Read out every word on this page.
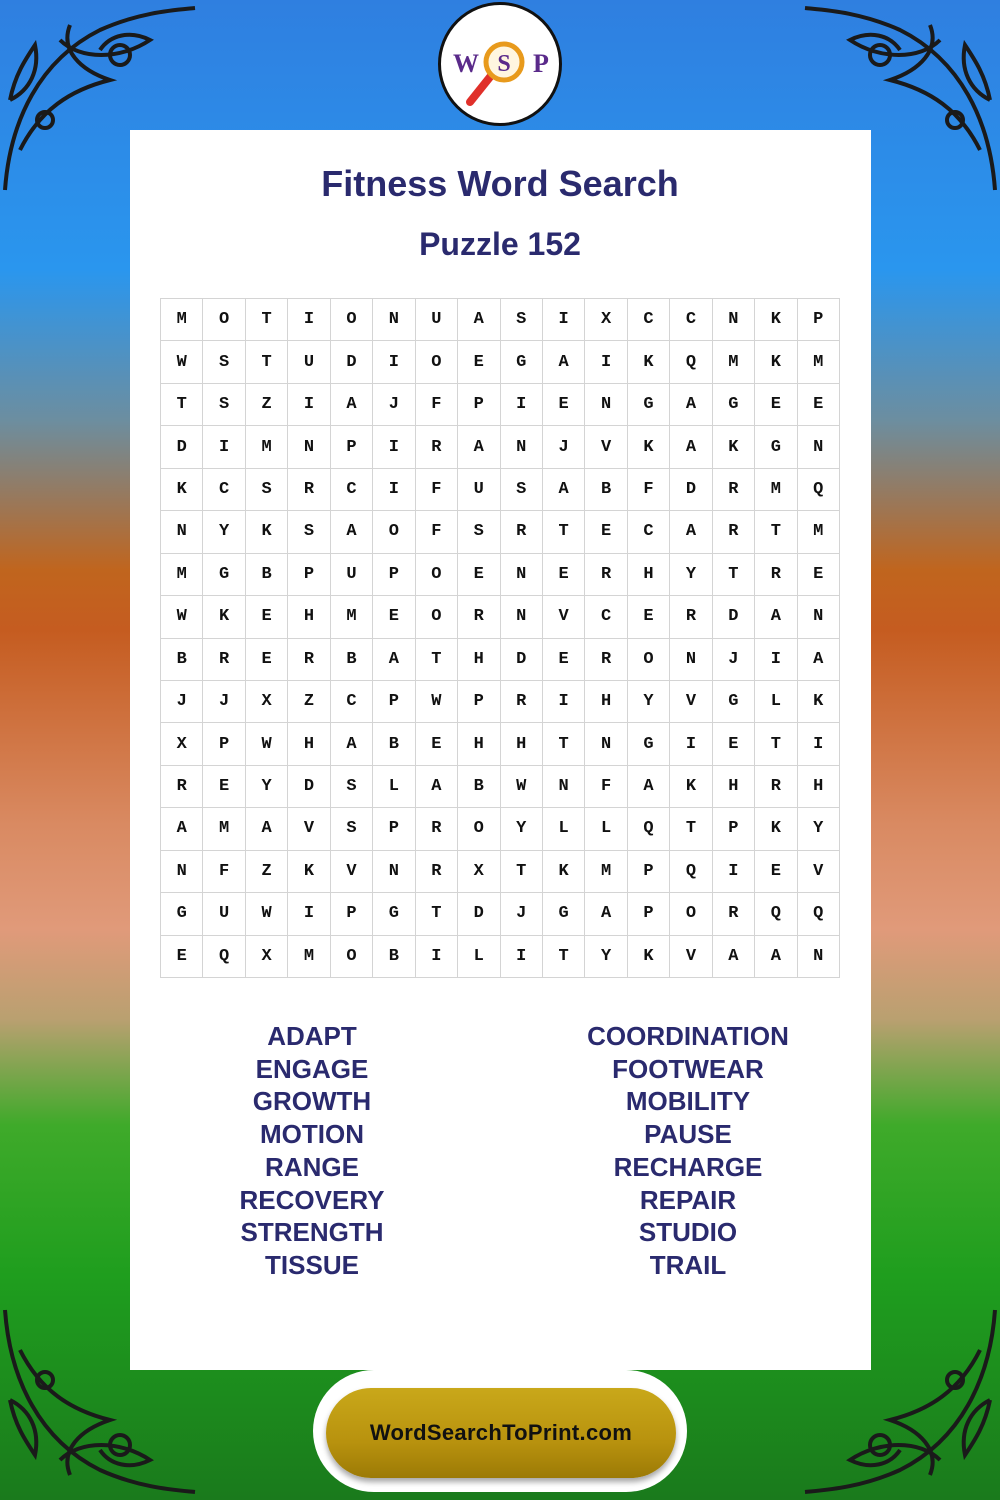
W S P
Fitness Word Search
Puzzle 152
M	O	T	I	O	N	U	A	S	I	X	C	C	N	K	P
W	S	T	U	D	I	O	E	G	A	I	K	Q	M	K	M
T	S	Z	I	A	J	F	P	I	E	N	G	A	G	E	E
D	I	M	N	P	I	R	A	N	J	V	K	A	K	G	N
K	C	S	R	C	I	F	U	S	A	B	F	D	R	M	Q
N	Y	K	S	A	O	F	S	R	T	E	C	A	R	T	M
M	G	B	P	U	P	O	E	N	E	R	H	Y	T	R	E
W	K	E	H	M	E	O	R	N	V	C	E	R	D	A	N
B	R	E	R	B	A	T	H	D	E	R	O	N	J	I	A
J	J	X	Z	C	P	W	P	R	I	H	Y	V	G	L	K
X	P	W	H	A	B	E	H	H	T	N	G	I	E	T	I
R	E	Y	D	S	L	A	B	W	N	F	A	K	H	R	H
A	M	A	V	S	P	R	O	Y	L	L	Q	T	P	K	Y
N	F	Z	K	V	N	R	X	T	K	M	P	Q	I	E	V
G	U	W	I	P	G	T	D	J	G	A	P	O	R	Q	Q
E	Q	X	M	O	B	I	L	I	T	Y	K	V	A	A	N
ADAPT
ENGAGE
GROWTH
MOTION
RANGE
RECOVERY
STRENGTH
TISSUE
COORDINATION
FOOTWEAR
MOBILITY
PAUSE
RECHARGE
REPAIR
STUDIO
TRAIL
WordSearchToPrint.com
